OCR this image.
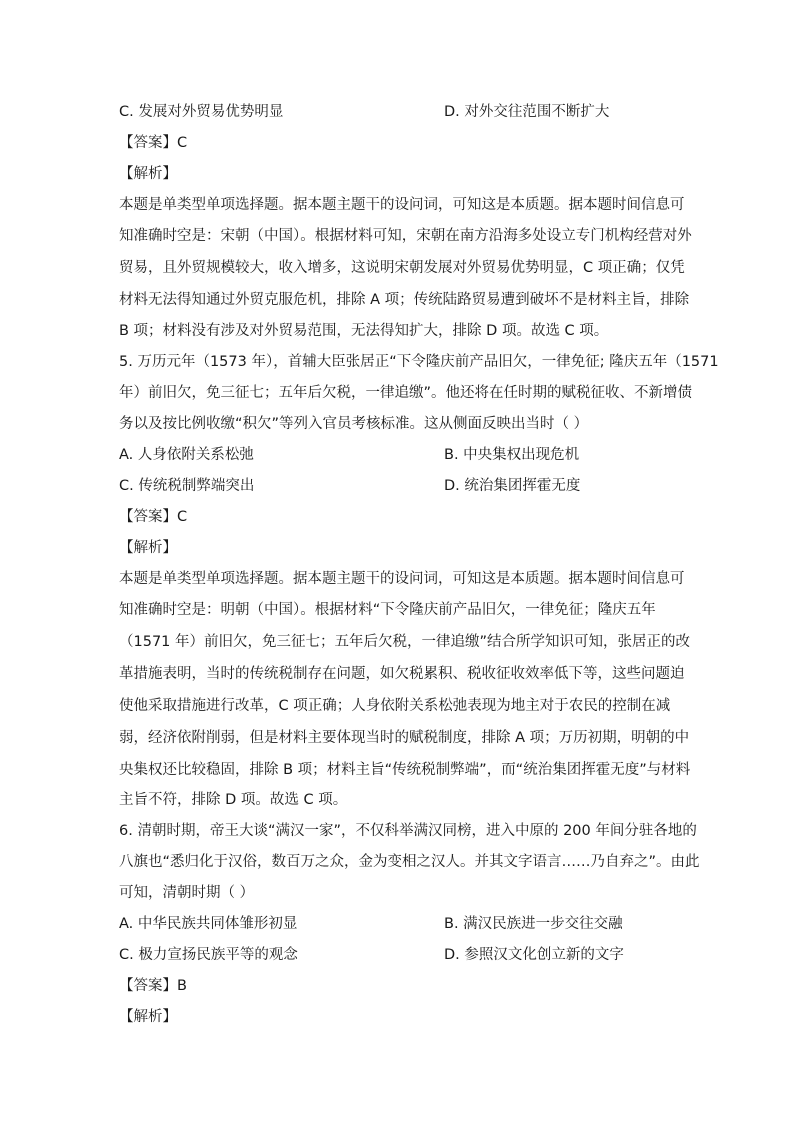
C. 发展对外贸易优势明显	D. 对外交往范围不断扩大
【答案】C
【解析】
本题是单类型单项选择题。据本题主题干的设问词，可知这是本质题。据本题时间信息可
知准确时空是：宋朝（中国）。根据材料可知，宋朝在南方沿海多处设立专门机构经营对外
贸易，且外贸规模较大，收入增多，这说明宋朝发展对外贸易优势明显，C 项正确；仅凭
材料无法得知通过外贸克服危机，排除 A 项；传统陆路贸易遭到破坏不是材料主旨，排除
B 项；材料没有涉及对外贸易范围，无法得知扩大，排除 D 项。故选 C 项。
5. 万历元年（1573 年），首辅大臣张居正“下令隆庆前产品旧欠，一律免征; 隆庆五年（1571
年）前旧欠，免三征七；五年后欠税，一律追缴”。他还将在任时期的赋税征收、不新增债
务以及按比例收缴“积欠”等列入官员考核标准。这从侧面反映出当时（ ）
A. 人身依附关系松弛	B. 中央集权出现危机
C. 传统税制弊端突出	D. 统治集团挥霍无度
【答案】C
【解析】
本题是单类型单项选择题。据本题主题干的设问词，可知这是本质题。据本题时间信息可
知准确时空是：明朝（中国）。根据材料“下令隆庆前产品旧欠，一律免征；隆庆五年
（1571 年）前旧欠，免三征七；五年后欠税，一律追缴”结合所学知识可知，张居正的改
革措施表明，当时的传统税制存在问题，如欠税累积、税收征收效率低下等，这些问题迫
使他采取措施进行改革，C 项正确；人身依附关系松弛表现为地主对于农民的控制在减
弱，经济依附削弱，但是材料主要体现当时的赋税制度，排除 A 项；万历初期，明朝的中
央集权还比较稳固，排除 B 项；材料主旨“传统税制弊端”，而“统治集团挥霍无度”与材料
主旨不符，排除 D 项。故选 C 项。
6. 清朝时期，帝王大谈“满汉一家”，不仅科举满汉同榜，进入中原的 200 年间分驻各地的
八旗也“悉归化于汉俗，数百万之众，金为变相之汉人。并其文字语言……乃自弃之”。由此
可知，清朝时期（ ）
A. 中华民族共同体雏形初显	B. 满汉民族进一步交往交融
C. 极力宣扬民族平等的观念	D. 参照汉文化创立新的文字
【答案】B
【解析】
